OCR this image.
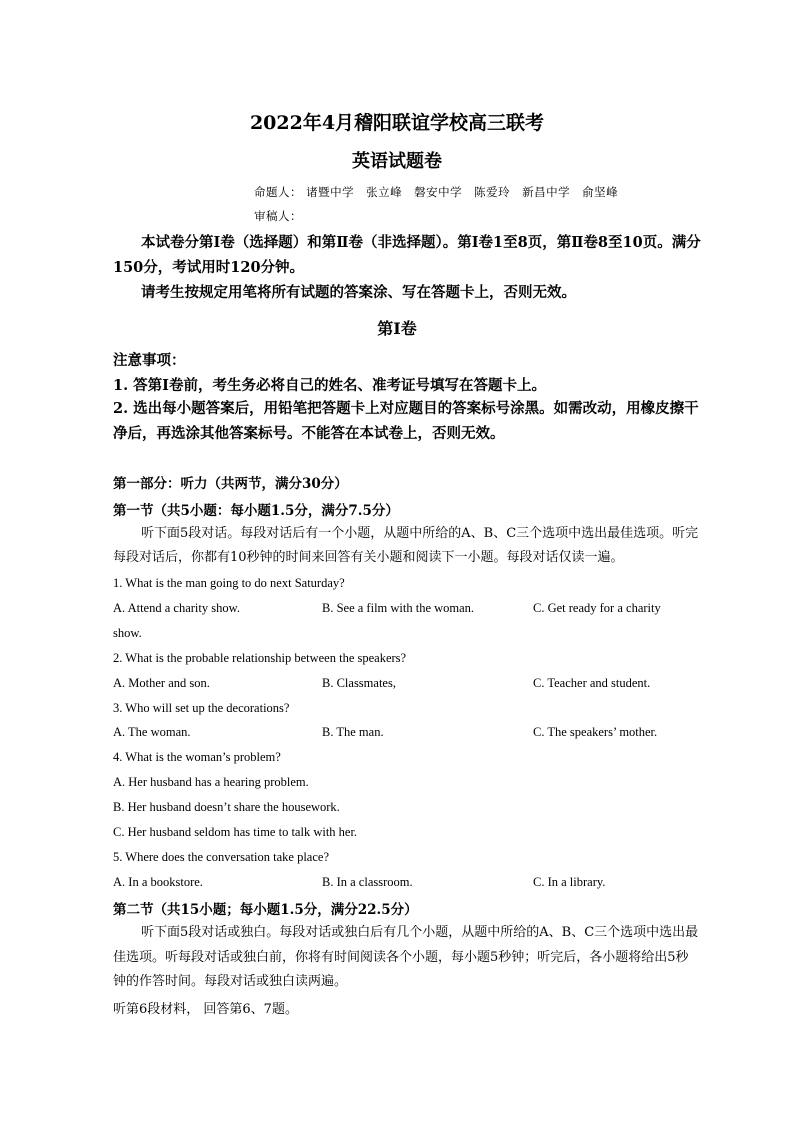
2022年4月稽阳联谊学校高三联考
英语试题卷
命题人： 诸暨中学　张立峰　磐安中学　陈爱玲　新昌中学　俞坚峰
审稿人：
本试卷分第Ⅰ卷（选择题）和第Ⅱ卷（非选择题）。第Ⅰ卷1至8页，第Ⅱ卷8至10页。满分150分，考试用时120分钟。
请考生按规定用笔将所有试题的答案涂、写在答题卡上，否则无效。
第Ⅰ卷
注意事项：
1. 答第Ⅰ卷前，考生务必将自己的姓名、准考证号填写在答题卡上。
2. 选出每小题答案后，用铅笔把答题卡上对应题目的答案标号涂黑。如需改动，用橡皮擦干净后，再选涂其他答案标号。不能答在本试卷上，否则无效。
第一部分：听力（共两节，满分30分）
第一节（共5小题：每小题1.5分，满分7.5分）
听下面5段对话。每段对话后有一个小题，从题中所给的A、B、C三个选项中选出最佳选项。听完每段对话后，你都有10秒钟的时间来回答有关小题和阅读下一小题。每段对话仅读一遍。
1. What is the man going to do next Saturday?
A. Attend a charity show.	B. See a film with the woman.	C. Get ready for a charity
show.
2. What is the probable relationship between the speakers?
A. Mother and son.	B. Classmates,	C. Teacher and student.
3. Who will set up the decorations?
A. The woman.	B. The man.	C. The speakers’ mother.
4. What is the woman’s problem?
A. Her husband has a hearing problem.
B. Her husband doesn’t share the housework.
C. Her husband seldom has time to talk with her.
5. Where does the conversation take place?
A. In a bookstore.	B. In a classroom.	C. In a library.
第二节（共15小题；每小题1.5分，满分22.5分）
听下面5段对话或独白。每段对话或独白后有几个小题，从题中所给的A、B、C三个选项中选出最佳选项。听每段对话或独白前，你将有时间阅读各个小题，每小题5秒钟；听完后，各小题将给出5秒钟的作答时间。每段对话或独白读两遍。
听第6段材料， 回答第6、7题。
